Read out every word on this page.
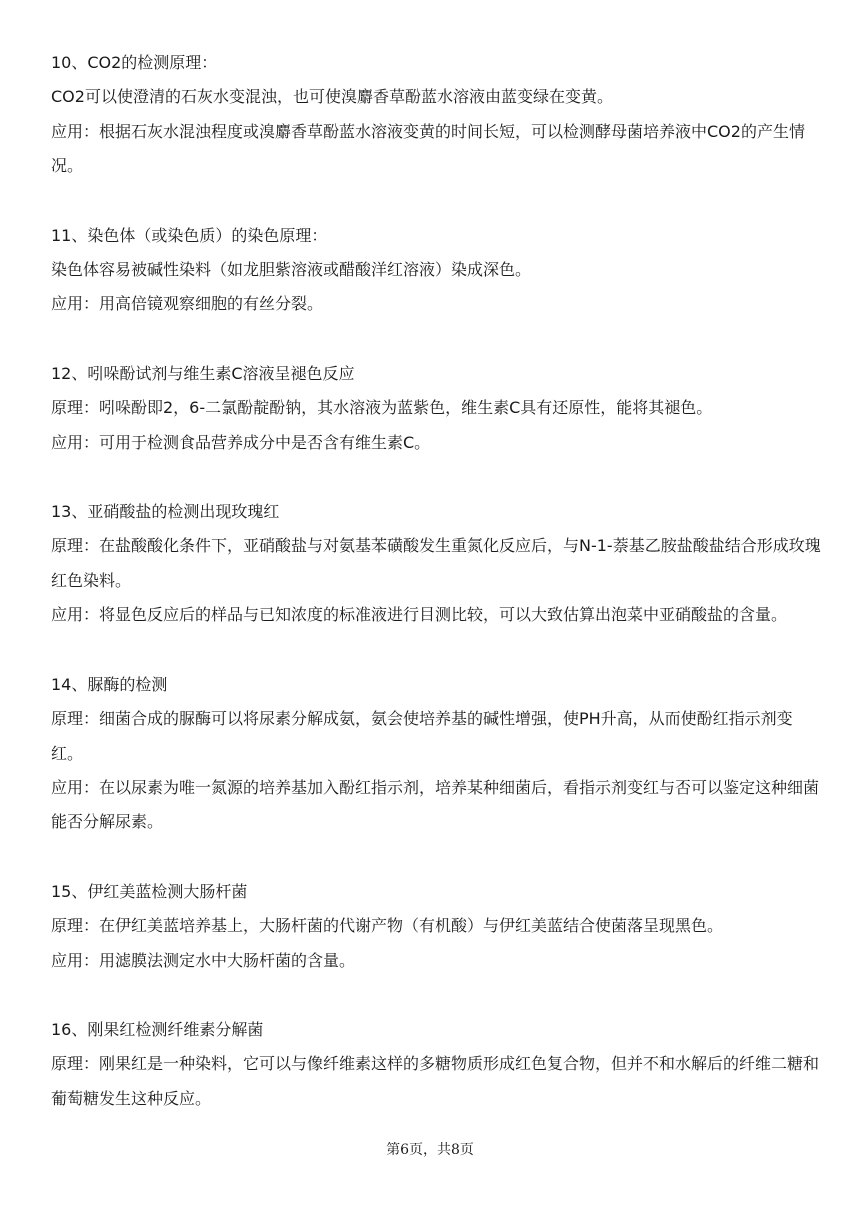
10、CO2的检测原理：

CO2可以使澄清的石灰水变混浊，也可使溴麝香草酚蓝水溶液由蓝变绿在变黄。

应用：根据石灰水混浊程度或溴麝香草酚蓝水溶液变黄的时间长短，可以检测酵母菌培养液中CO2的产生情况。

11、染色体（或染色质）的染色原理：

染色体容易被碱性染料（如龙胆紫溶液或醋酸洋红溶液）染成深色。

应用：用高倍镜观察细胞的有丝分裂。

12、吲哚酚试剂与维生素C溶液呈褪色反应

原理：吲哚酚即2，6-二氯酚靛酚钠，其水溶液为蓝紫色，维生素C具有还原性，能将其褪色。

应用：可用于检测食品营养成分中是否含有维生素C。

13、亚硝酸盐的检测出现玫瑰红

原理：在盐酸酸化条件下，亚硝酸盐与对氨基苯磺酸发生重氮化反应后，与N-1-萘基乙胺盐酸盐结合形成玫瑰红色染料。

应用：将显色反应后的样品与已知浓度的标准液进行目测比较，可以大致估算出泡菜中亚硝酸盐的含量。

14、脲酶的检测

原理：细菌合成的脲酶可以将尿素分解成氨，氨会使培养基的碱性增强，使PH升高，从而使酚红指示剂变红。

应用：在以尿素为唯一氮源的培养基加入酚红指示剂，培养某种细菌后，看指示剂变红与否可以鉴定这种细菌能否分解尿素。

15、伊红美蓝检测大肠杆菌

原理：在伊红美蓝培养基上，大肠杆菌的代谢产物（有机酸）与伊红美蓝结合使菌落呈现黑色。

应用：用滤膜法测定水中大肠杆菌的含量。

16、刚果红检测纤维素分解菌

原理：刚果红是一种染料，它可以与像纤维素这样的多糖物质形成红色复合物，但并不和水解后的纤维二糖和葡萄糖发生这种反应。

第6页，共8页
